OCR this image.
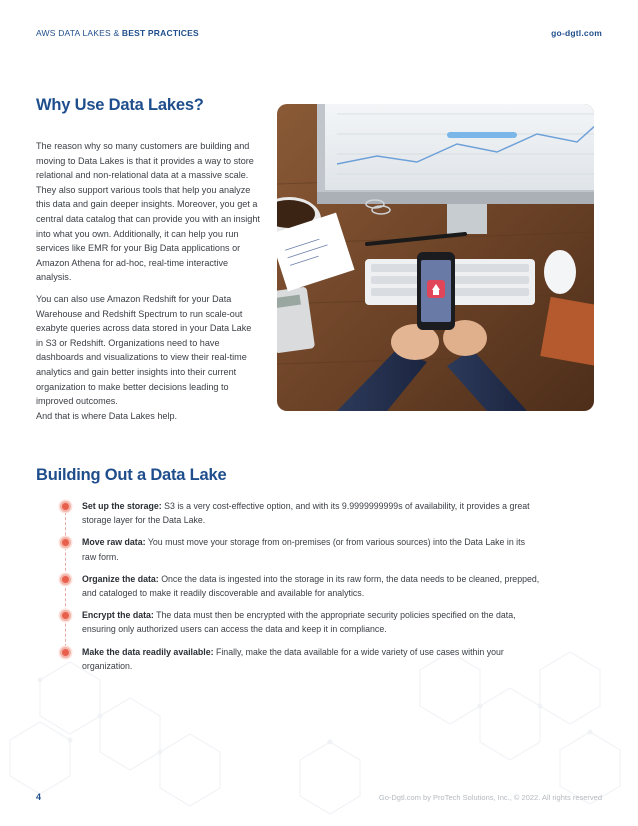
AWS DATA LAKES & BEST PRACTICES	go-dgtl.com
Why Use Data Lakes?

The reason why so many customers are building and moving to Data Lakes is that it provides a way to store relational and non-relational data at a massive scale. They also support various tools that help you analyze this data and gain deeper insights. Moreover, you get a central data catalog that can provide you with an insight into what you own. Additionally, it can help you run services like EMR for your Big Data applications or Amazon Athena for ad-hoc, real-time interactive analysis.

You can also use Amazon Redshift for your Data Warehouse and Redshift Spectrum to run scale-out exabyte queries across data stored in your Data Lake in S3 or Redshift. Organizations need to have dashboards and visualizations to view their real-time analytics and gain better insights into their current organization to make better decisions leading to improved outcomes.

And that is where Data Lakes help.

Building Out a Data Lake
Set up the storage: S3 is a very cost-effective option, and with its 9.9999999999s of availability, it provides a great storage layer for the Data Lake.
Move raw data: You must move your storage from on-premises (or from various sources) into the Data Lake in its raw form.
Organize the data: Once the data is ingested into the storage in its raw form, the data needs to be cleaned, prepped, and cataloged to make it readily discoverable and available for analytics.
Encrypt the data: The data must then be encrypted with the appropriate security policies specified on the data, ensuring only authorized users can access the data and keep it in compliance.
Make the data readily available: Finally, make the data available for a wide variety of use cases within your organization.
4	Go-Dgtl.com by ProTech Solutions, Inc., © 2022. All rights reserved
